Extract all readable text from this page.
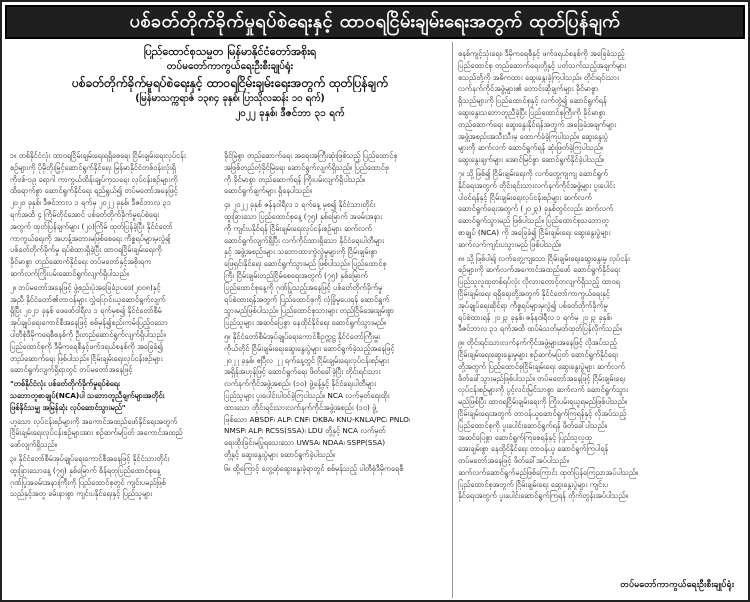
ပစ်ခတ်တိုက်ခိုက်မှုရပ်စဲရေးနှင့် ထာဝရငြိမ်းချမ်းရေးအတွက် ထုတ်ပြန်ချက်
ပြည်ထောင်စုသမ္မတ မြန်မာနိုင်ငံတော်အစိုးရ
တပ်မတော်ကာကွယ်ရေးဦးစီးချုပ်ရုံး
ပစ်ခတ်တိုက်ခိုက်မှုရပ်စဲရေးနှင့် ထာဝရငြိမ်းချမ်းရေးအတွက် ထုတ်ပြန်ချက်
(မြန်မာသက္ကရာဇ် ၁၃၈၄ ခုနှစ်၊ ပြာသိုလဆန်း ၁၀ ရက်)
၂၀၂၂ ခုနှစ်၊ ဒီဇင်ဘာ ၃၁ ရက်

၁။ တစ်နိုင်ငံလုံး ထာဝရငြိမ်းချမ်းရေးရရှိစေရေး ငြိမ်းချမ်းရေးလုပ်ငန်း
စဉ်များကို ပိုမိုတိုးမြှင့်ဆောင်ရွက်နိုင်ရေး မြန်မာနိုင်ငံတစ်ဝန်းလုံးရှိ
ကိုဗစ်-၁၉ ရောဂါ ကာကွယ်ထိန်းချုပ်ကုသရေး လုပ်ငန်းစဉ်များကို
ထိရောက်စွာ ဆောင်ရွက်နိုင်ရေး ရည်ရွယ်၍ တပ်မတော်အနေဖြင့်
၂၀၂၀ ခုနှစ်၊ ဒီဇင်ဘာလ ၁ ရက်မှ ၂၀၂၂ ခုနှစ်၊ ဒီဇင်ဘာလ ၃၁
ရက်အထိ ၄ ကြိမ်တိုင်အောင် ပစ်ခတ်တိုက်ခိုက်မှုရပ်စဲရေး
အတွက် ထုတ်ပြန်ချက်များ (၂၀)ကြိမ် ထုတ်ပြန်ခဲ့ပြီး နိုင်ငံတော်
ကာကွယ်ရေးကို အဟန့်အတားမဖြစ်စေရေး ကိစ္စရပ်များမှလွဲ၍
ပစ်ခတ်တိုက်ခိုက်မှု ရပ်စဲထားရှိခဲ့ပြီး ထာဝရငြိမ်းချမ်းရေးကို
ခိုင်မာစွာ တည်ဆောက်နိုင်ရေး တပ်မတော်နှင့်အစိုးရက
ဆက်လက်ကြိုးပမ်းဆောင်ရွက်လျက်ရှိပါသည်။

၂။ တပ်မတော်အနေဖြင့် ဖွဲ့စည်းပုံအခြေခံဥပဒေ(၂၀၀၈)နှင့်
အညီ နိုင်ငံတော်၏တာဝန်များ လွှဲပြောင်းယူဆောင်ရွက်လျက်
ရှိပြီး ၂၀၂၁ ခုနှစ် ဖေဖော်ဝါရီလ ၁ ရက်မှစ၍ နိုင်ငံတော်စီမံ
အုပ်ချုပ်ရေးကောင်စီအနေဖြင့် စစ်မှန်၍စည်းကမ်းပြည့်ဝသော
ပါတီစုံဒီမိုကရေစီစနစ်ကို ဦးတည်ဆောင်ရွက်လျက်ရှိပါသည်။
ပြည်ထောင်စုကို ဒီမိုကရေစီနှင့်ဖက်ဒရယ်စနစ်ကို အခြေခံ၍
တည်ဆောက်ရေး ဖြစ်ပါသည်။ ငြိမ်းချမ်းရေးလုပ်ငန်းစဉ်များ
ဆောင်ရွက်လျက်ရှိရာတွင် တပ်မတော်အနေဖြင့်

"တစ်နိုင်ငံလုံး ပစ်ခတ်တိုက်ခိုက်မှုရပ်စဲရေး
သဘောတူစာချုပ်(NCA)ပါ သဘောတူညီချက်များအတိုင်း
ဖြစ်နိုင်သမျှ အမြန်ဆုံး လုပ်ဆောင်သွားမည်"

ဟူသော လုပ်ငန်းစဉ်များကို အကောင်အထည်ဖော်နိုင်ရေးအတွက်
ငြိမ်းချမ်းရေးလုပ်ငန်းစဉ်များအား စဉ်ဆက်မပြတ် အကောင်အထည်
ဖော်လျက်ရှိသည်။

၃။ နိုင်ငံတော်စီမံအုပ်ချုပ်ရေးကောင်စီအနေဖြင့် နိုင်ငံသားတိုင်း
ထူးခြားသောနေ့ (၇၅) နှစ်မြောက် စိန်ရတုပြည်ထောင်စုနေ့
ဂုဏ်ပြုအခမ်းအနားကြီးကို ပြည်ထောင်စုတွင် ကျင်းပမည်ဖြစ်
သည်နှင့်အတူ ခမ်းနားစွာ ကျင်းပနိုင်ရေးနှင့် ပြည်သူများ

ခိုင်မြဲစွာ တည်ဆောက်ရေး အရေးအကြီးဆုံးဖြစ်သည့် ပြည်ထောင်စု
အဖြစ်တည်တံ့ခိုင်မြဲရေး ဆောင်ရွက်လျက်ရှိသည်။ ပြည်ထောင်စု
ကို ခိုင်မာစွာ တည်ဆောက်ရန် ကြိုးပမ်းလျက်ရှိပါသည်။
ဆောင်ရွက်ချက်များ ရှိနေပါသည်။

၄။ ၂၀၂၂ ခုနှစ် ဇန်နဝါရီလ ၁ ရက်နေ့ မှစ၍ နိုင်ငံသားတိုင်း
ထူးခြားသော ပြည်ထောင်စုနေ့ (၇၅) နှစ်မြောက် အခမ်းအနား
ကို ကျင်းပနိုင်ရန် ငြိမ်းချမ်းရေးလုပ်ငန်းစဉ်များ ဆက်လက်
ဆောင်ရွက်လျက်ရှိပြီး လက်ကိုင်ထားရှိသော နိုင်ငံရေးပါတီများ
နှင့် အဖွဲ့အစည်းများ သဘောထားကွဲလွဲမှုများကို ငြိမ်းချမ်းစွာ
ဖြေရှင်းနိုင်ရေး ဆောင်ရွက်သွားမည် ဖြစ်ပါသည်။ ပြည်ထောင်စု
ကြီး ငြိမ်းချမ်းတည်ငြိမ်စေရေးအတွက် (၇၅) နှစ်မြောက်
ပြည်ထောင်စုနေ့ကို ဂုဏ်ပြုသည့်အနေဖြင့် ပစ်ခတ်တိုက်ခိုက်မှု
ရပ်စဲထားရန်အတွက် ပြည်ထောင်စုကို လုံခြုံမှုပေးရန် ဆောင်ရွက်
သွားမည်ဖြစ်ပါသည်။ ပြည်ထောင်စုသားများ တည်ငြိမ်အေးချမ်းစွာ
ပြည်သူများ အဆင်ပြေစွာ နေထိုင်နိုင်ရေး ဆောင်ရွက်သွားမည်။

၅။ နိုင်ငံတော်စီမံအုပ်ချုပ်ရေးကောင်စီဥက္ကဋ္ဌ နိုင်ငံတော်ကြီးမှူး
ကိုယ်တိုင် ငြိမ်းချမ်းရေးဆွေးနွေးပွဲများ ဆောင်ရွက်ခဲ့သည့်အနေဖြင့်
၂၀၂၂ ခုနှစ်၊ ဧပြီလ ၂၂ ရက်နေ့တွင် ငြိမ်းချမ်းရေးလုပ်ငန်းစဉ်များ
အရှိန်အဟုန်ဖြင့် ဆောင်ရွက်ရေး ဖိတ်ခေါ်ခဲ့ပြီး တိုင်းရင်းသား
လက်နက်ကိုင်အဖွဲ့အစည်း (၁၀) ဖွဲ့ခန့်နှင့် နိုင်ငံရေးပါတီများ
ပြည်သူများ ပူးပေါင်းပါဝင်ခဲ့ကြပါသည်။ NCA လက်မှတ်ရေးထိုး
ထားသော တိုင်းရင်းသားလက်နက်ကိုင်အဖွဲ့အစည်း (၁၀) ဖွဲ့
ဖြစ်သော ABSDF၊ ALP၊ CNF၊ DKBA၊ KNU-KNLA/PC၊ PNLO၊
NMSP၊ ALP၊ RCSS(SSA)၊ LDU တို့နှင့် NCA လက်မှတ်
ရေးထိုးခြင်းမပြုရသေးသော UWSA၊ NDAA၊ SSPP(SSA)
တို့နှင့် ဆွေးနွေးပွဲများ ဆောင်ရွက်ခဲ့ပါသည်။

၆။ ထို့ကြောင့် တွေ့ဆုံဆွေးနွေးခဲ့ရာတွင် စစ်မှန်သည့် ပါတီစုံဒီမိုကရေစီ

စနစ်ကျင့်သုံးရေး၊ ဒီမိုကရေစီနှင့် ဖက်ဒရယ်စနစ်ကို အခြေခံသည့်
ပြည်ထောင်စု တည်ဆောက်ရေးတို့နှင့် ပတ်သက်သည့်အချက်များ
စသည်တို့ကို အဓိကထား ဆွေးနွေးခဲ့ကြပါသည်။ တိုင်းရင်းသား
လက်နက်ကိုင်အဖွဲ့များ၏ တောင်းဆိုချက်များ ခိုင်မာစွာ
ရှိသည်များကို ပြည်ထောင်စုနှင့် လက်တွဲ၍ ဆောင်ရွက်ရန်
ဆွေးနွေးသဘောတူညီခဲ့ပြီး ပြည်ထောင်စုကြီးကို ခိုင်မာစွာ
တည်ဆောက်ရေး ဆွေးနွေးနိုင်ရန်အတွက် အခြေခံအချက်များ
အဖွဲ့အစည်းအသီးသီးမှ ထောက်ခံခဲ့ကြပါသည်။ ဆွေးနွေးပွဲ
များကို ဆက်လက် ဆောင်ရွက်ရန် ဆုံးဖြတ်ခဲ့ကြပါသည်။
ဆွေးနွေးချက်များ အောင်မြင်စွာ ဆောင်ရွက်နိုင်ခဲ့ပါသည်။

၇။ သို့ဖြစ်၍ ငြိမ်းချမ်းရေးကို လက်တွေ့ကျကျ ဆောင်ရွက်
နိုင်ရေးအတွက် တိုင်းရင်းသားလက်နက်ကိုင်အဖွဲ့များ ပူးပေါင်း
ပါဝင်ရန်နှင့် ငြိမ်းချမ်းရေးလုပ်ငန်းစဉ်များ ဆက်လက်
ဆောင်ရွက်ရေးအတွက် (၂၀၂၃) ခုနှစ်တွင်လည်း ဆက်လက်
ဆောင်ရွက်သွားမည် ဖြစ်ပါသည်။ ပြည်ထောင်စုသဘောတူ
စာချုပ် (NCA) ကို အခြေခံ၍ ငြိမ်းချမ်းရေး ဆွေးနွေးပွဲများ
ဆက်လက်ကျင်းပသွားမည် ဖြစ်ပါသည်။

၈။ သို့ဖြစ်ပါ၍ လက်တွေ့ကျသော ငြိမ်းချမ်းရေးဆွေးနွေးမှု လုပ်ငန်း
စဉ်များကို ဆက်လက်အကောင်အထည်ဖော် ဆောင်ရွက်နိုင်ရေး
ပြည်သူလူထုတစ်ရပ်လုံး လိုလားတောင့်တလျက်ရှိသည့် ထာဝရ
ငြိမ်းချမ်းရေး ရရှိရေးတို့အတွက် နိုင်ငံတော်ကာကွယ်ရေးနှင့်
အုပ်ချုပ်ရေးဆိုင်ရာ ကိစ္စရပ်များမှလွဲ၍ ပစ်ခတ်တိုက်ခိုက်မှု
ရပ်စဲထားရန် ၂၀၂၃ ခုနှစ်၊ ဇန်နဝါရီလ ၁ ရက်မှ ၂၀၂၃ ခုနှစ်၊
ဒီဇင်ဘာလ ၃၁ ရက်အထိ ထပ်မံသတ်မှတ်ထုတ်ပြန်လိုက်သည်။

၉။ တိုင်းရင်းသားလက်နက်ကိုင်အဖွဲ့များအနေဖြင့် လိုအပ်သည့်
ငြိမ်းချမ်းရေးဆွေးနွေးမှုများ စဉ်ဆက်မပြတ် ဆောင်ရွက်နိုင်ရေး
တို့အတွက် ပြည်ထောင်စုငြိမ်းချမ်းရေး ဆွေးနွေးပွဲများ ဆက်လက်
ဖိတ်ခေါ်သွားမည်ဖြစ်ပါသည်။ တပ်မတော်အနေဖြင့် ငြိမ်းချမ်းရေး
လုပ်ငန်းစဉ်များကို ပွင့်လင်းမြင်သာစွာ ဆက်လက် ဆောင်ရွက်သွား
မည်ဖြစ်ပြီး ထာဝရငြိမ်းချမ်းရေးကို ကြိုးပမ်းရယူရမည်ဖြစ်ပါသည်။
ငြိမ်းချမ်းရေးအတွက် တာဝန်ယူဆောင်ရွက်ကြရန်နှင့် လိုအပ်သည့်
ပြည်ထောင်စုကို ပူးပေါင်းဆောင်ရွက်ရန် ဖိတ်ခေါ်ပါသည်။
အဆင်ပြေစွာ ဆောင်ရွက်ကြစေရန်နှင့် ပြည်သူလူထု
အေးချမ်းစွာ နေထိုင်နိုင်ရေး တာဝန်ယူ ဆောင်ရွက်ကြပါရန်
တပ်မတော်အနေဖြင့် ဖိတ်ခေါ်အပ်ပါသည်။
ဆက်လက်ဆောင်ရွက်မည်ဖြစ်ကြောင်း ထုတ်ပြန်ကြေညာအပ်ပါသည်။
ပြည်ထောင်စုအတွက် ငြိမ်းချမ်းရေး ဆွေးနွေးပွဲများ ကျင်းပ
နိုင်ရေးအတွက် ပူးပေါင်းဆောင်ရွက်ကြရန် တိုက်တွန်းအပ်ပါသည်။

တပ်မတော်ကာကွယ်ရေးဦးစီးချုပ်ရုံး
